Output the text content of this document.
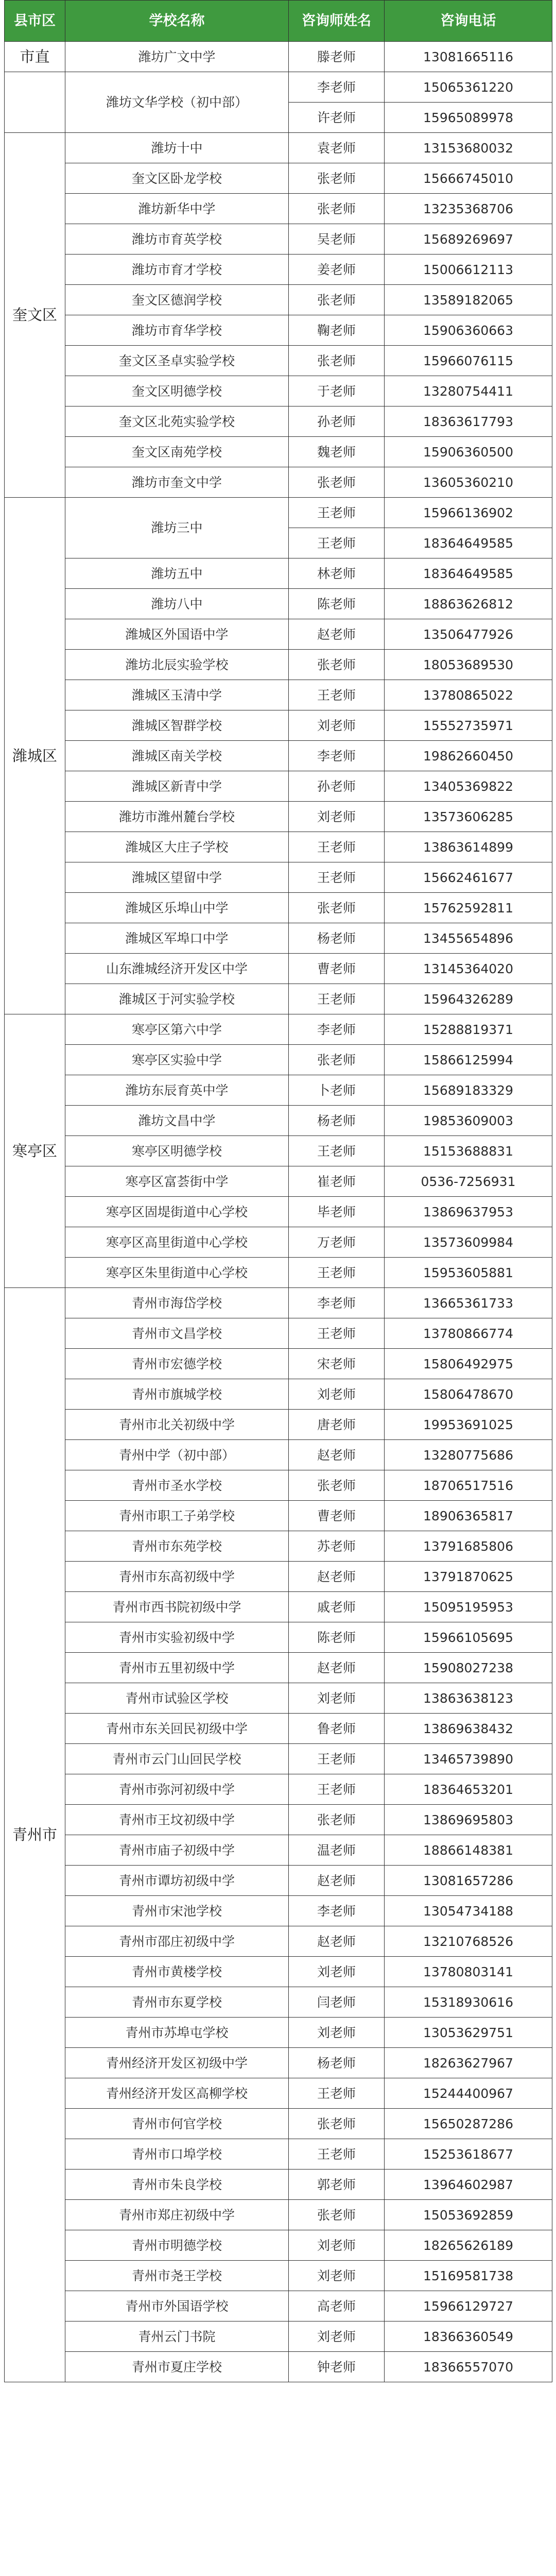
县市区	学校名称	咨询师姓名	咨询电话
市直	潍坊广文中学	滕老师	13081665116
	潍坊文华学校（初中部）	李老师	15065361220
		许老师	15965089978
奎文区	潍坊十中	袁老师	13153680032
	奎文区卧龙学校	张老师	15666745010
	潍坊新华中学	张老师	13235368706
	潍坊市育英学校	吴老师	15689269697
	潍坊市育才学校	姜老师	15006612113
	奎文区德润学校	张老师	13589182065
	潍坊市育华学校	鞠老师	15906360663
	奎文区圣卓实验学校	张老师	15966076115
	奎文区明德学校	于老师	13280754411
	奎文区北苑实验学校	孙老师	18363617793
	奎文区南苑学校	魏老师	15906360500
	潍坊市奎文中学	张老师	13605360210
潍城区	潍坊三中	王老师	15966136902
		王老师	18364649585
	潍坊五中	林老师	18364649585
	潍坊八中	陈老师	18863626812
	潍城区外国语中学	赵老师	13506477926
	潍坊北辰实验学校	张老师	18053689530
	潍城区玉清中学	王老师	13780865022
	潍城区智群学校	刘老师	15552735971
	潍城区南关学校	李老师	19862660450
	潍城区新青中学	孙老师	13405369822
	潍坊市潍州麓台学校	刘老师	13573606285
	潍城区大庄子学校	王老师	13863614899
	潍城区望留中学	王老师	15662461677
	潍城区乐埠山中学	张老师	15762592811
	潍城区军埠口中学	杨老师	13455654896
	山东潍城经济开发区中学	曹老师	13145364020
	潍城区于河实验学校	王老师	15964326289
寒亭区	寒亭区第六中学	李老师	15288819371
	寒亭区实验中学	张老师	15866125994
	潍坊东辰育英中学	卜老师	15689183329
	潍坊文昌中学	杨老师	19853609003
	寒亭区明德学校	王老师	15153688831
	寒亭区富荟街中学	崔老师	0536-7256931
	寒亭区固堤街道中心学校	毕老师	13869637953
	寒亭区高里街道中心学校	万老师	13573609984
	寒亭区朱里街道中心学校	王老师	15953605881
青州市	青州市海岱学校	李老师	13665361733
	青州市文昌学校	王老师	13780866774
	青州市宏德学校	宋老师	15806492975
	青州市旗城学校	刘老师	15806478670
	青州市北关初级中学	唐老师	19953691025
	青州中学（初中部）	赵老师	13280775686
	青州市圣水学校	张老师	18706517516
	青州市职工子弟学校	曹老师	18906365817
	青州市东苑学校	苏老师	13791685806
	青州市东高初级中学	赵老师	13791870625
	青州市西书院初级中学	戚老师	15095195953
	青州市实验初级中学	陈老师	15966105695
	青州市五里初级中学	赵老师	15908027238
	青州市试验区学校	刘老师	13863638123
	青州市东关回民初级中学	鲁老师	13869638432
	青州市云门山回民学校	王老师	13465739890
	青州市弥河初级中学	王老师	18364653201
	青州市王坟初级中学	张老师	13869695803
	青州市庙子初级中学	温老师	18866148381
	青州市谭坊初级中学	赵老师	13081657286
	青州市宋池学校	李老师	13054734188
	青州市邵庄初级中学	赵老师	13210768526
	青州市黄楼学校	刘老师	13780803141
	青州市东夏学校	闫老师	15318930616
	青州市苏埠屯学校	刘老师	13053629751
	青州经济开发区初级中学	杨老师	18263627967
	青州经济开发区高柳学校	王老师	15244400967
	青州市何官学校	张老师	15650287286
	青州市口埠学校	王老师	15253618677
	青州市朱良学校	郭老师	13964602987
	青州市郑庄初级中学	张老师	15053692859
	青州市明德学校	刘老师	18265626189
	青州市尧王学校	刘老师	15169581738
	青州市外国语学校	高老师	15966129727
	青州云门书院	刘老师	18366360549
	青州市夏庄学校	钟老师	18366557070
